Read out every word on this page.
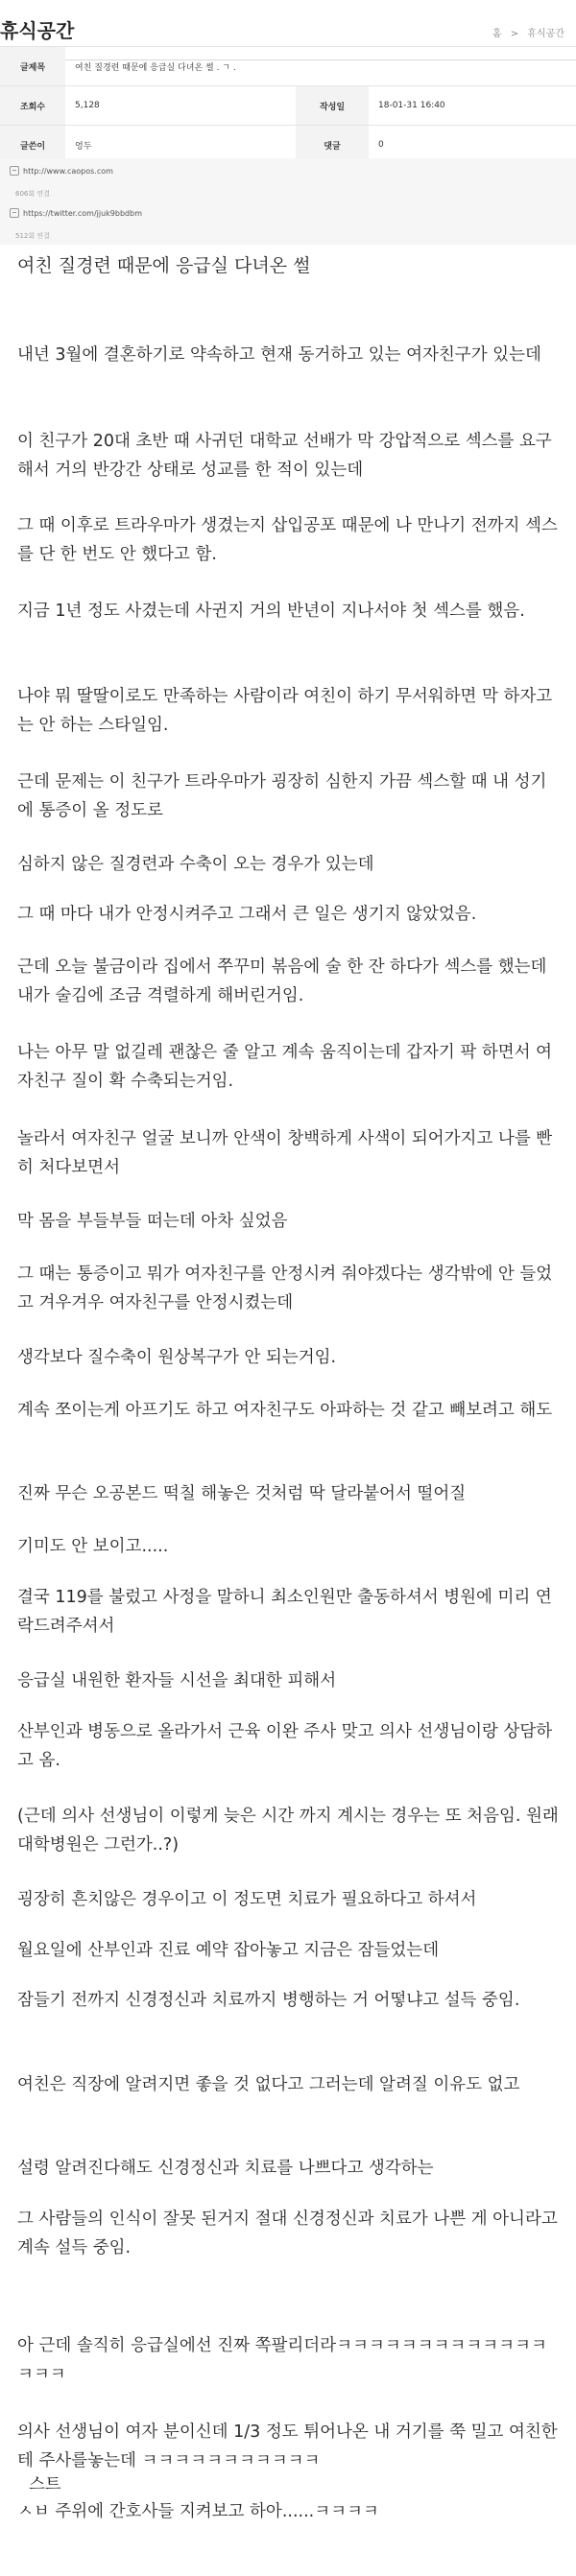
휴식공간	홈 > 휴식공간
글제목	여친 질경련 때문에 응급실 다녀온 썰 . ㄱ .		
조회수	5,128	작성일	18-01-31 16:40
글쓴이	엉두	댓글	0
http://www.caopos.com
606회 연결
https://twitter.com/jjuk9bbdbm
512회 연결
여친 질경련 때문에 응급실 다녀온 썰
내년 3월에 결혼하기로 약속하고 현재 동거하고 있는 여자친구가 있는데
이 친구가 20대 초반 때 사귀던 대학교 선배가 막 강압적으로 섹스를 요구해서 거의 반강간 상태로 성교를 한 적이 있는데
그 때 이후로 트라우마가 생겼는지 삽입공포 때문에 나 만나기 전까지 섹스를 단 한 번도 안 했다고 함.
지금 1년 정도 사겼는데 사귄지 거의 반년이 지나서야 첫 섹스를 했음.
나야 뭐 딸딸이로도 만족하는 사람이라 여친이 하기 무서워하면 막 하자고는 안 하는 스타일임.
근데 문제는 이 친구가 트라우마가 굉장히 심한지 가끔 섹스할 때 내 성기에 통증이 올 정도로
심하지 않은 질경련과 수축이 오는 경우가 있는데
그 때 마다 내가 안정시켜주고 그래서 큰 일은 생기지 않았었음.
근데 오늘 불금이라 집에서 쭈꾸미 볶음에 술 한 잔 하다가 섹스를 했는데 내가 술김에 조금 격렬하게 해버린거임.
나는 아무 말 없길레 괜찮은 줄 알고 계속 움직이는데 갑자기 팍 하면서 여자친구 질이 확 수축되는거임.
놀라서 여자친구 얼굴 보니까 안색이 창백하게 사색이 되어가지고 나를 빤히 처다보면서
막 몸을 부들부들 떠는데 아차 싶었음
그 때는 통증이고 뭐가 여자친구를 안정시켜 줘야겠다는 생각밖에 안 들었고 겨우겨우 여자친구를 안정시켰는데
생각보다 질수축이 원상복구가 안 되는거임.
계속 쪼이는게 아프기도 하고 여자친구도 아파하는 것 같고 빼보려고 해도
진짜 무슨 오공본드 떡칠 해놓은 것처럼 딱 달라붙어서 떨어질
기미도 안 보이고.....
결국 119를 불렀고 사정을 말하니 최소인원만 출동하셔서 병원에 미리 연락드려주셔서
응급실 내원한 환자들 시선을 최대한 피해서
산부인과 병동으로 올라가서 근육 이완 주사 맞고 의사 선생님이랑 상담하고 옴.
(근데 의사 선생님이 이렇게 늦은 시간 까지 계시는 경우는 또 처음임. 원래 대학병원은 그런가..?)
굉장히 흔치않은 경우이고 이 정도면 치료가 필요하다고 하셔서
월요일에 산부인과 진료 예약 잡아놓고 지금은 잠들었는데
잠들기 전까지 신경정신과 치료까지 병행하는 거 어떻냐고 설득 중임.
여친은 직장에 알려지면 좋을 것 없다고 그러는데 알려질 이유도 없고
설령 알려진다해도 신경정신과 치료를 나쁘다고 생각하는
그 사람들의 인식이 잘못 된거지 절대 신경정신과 치료가 나쁜 게 아니라고 계속 설득 중임.
아 근데 솔직히 응급실에선 진짜 쪽팔리더라ㅋㅋㅋㅋㅋㅋㅋㅋㅋㅋㅋㅋㅋㅋㅋㅋ
의사 선생님이 여자 분이신데 1/3 정도 튀어나온 내 거기를 쭉 밀고 여친한테 주사를놓는데 ㅋㅋㅋㅋㅋㅋㅋㅋㅋㅋㅋ
스트
ㅅㅂ 주위에 간호사들 지켜보고 하아......ㅋㅋㅋㅋ
